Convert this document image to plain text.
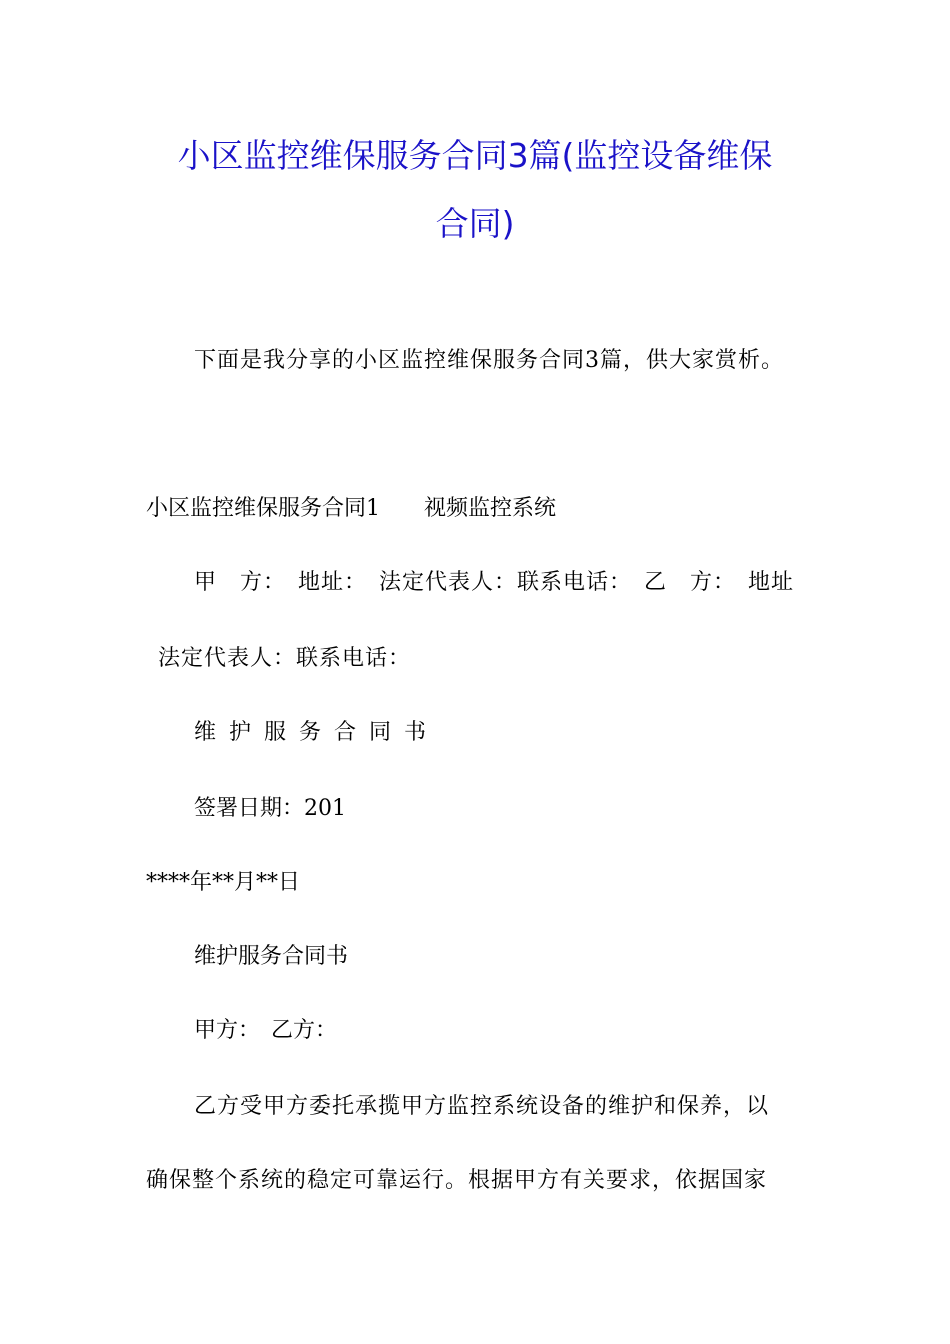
小区监控维保服务合同3篇(监控设备维保
合同)
下面是我分享的小区监控维保服务合同3篇，供大家赏析。
小区监控维保服务合同1　　视频监控系统
甲　方：　地址：　法定代表人：联系电话：　乙　方：　地址
法定代表人：联系电话：
维护服务合同书
签署日期：201
****年**月**日
维护服务合同书
甲方：　乙方：
乙方受甲方委托承揽甲方监控系统设备的维护和保养，以
确保整个系统的稳定可靠运行。根据甲方有关要求，依据国家
